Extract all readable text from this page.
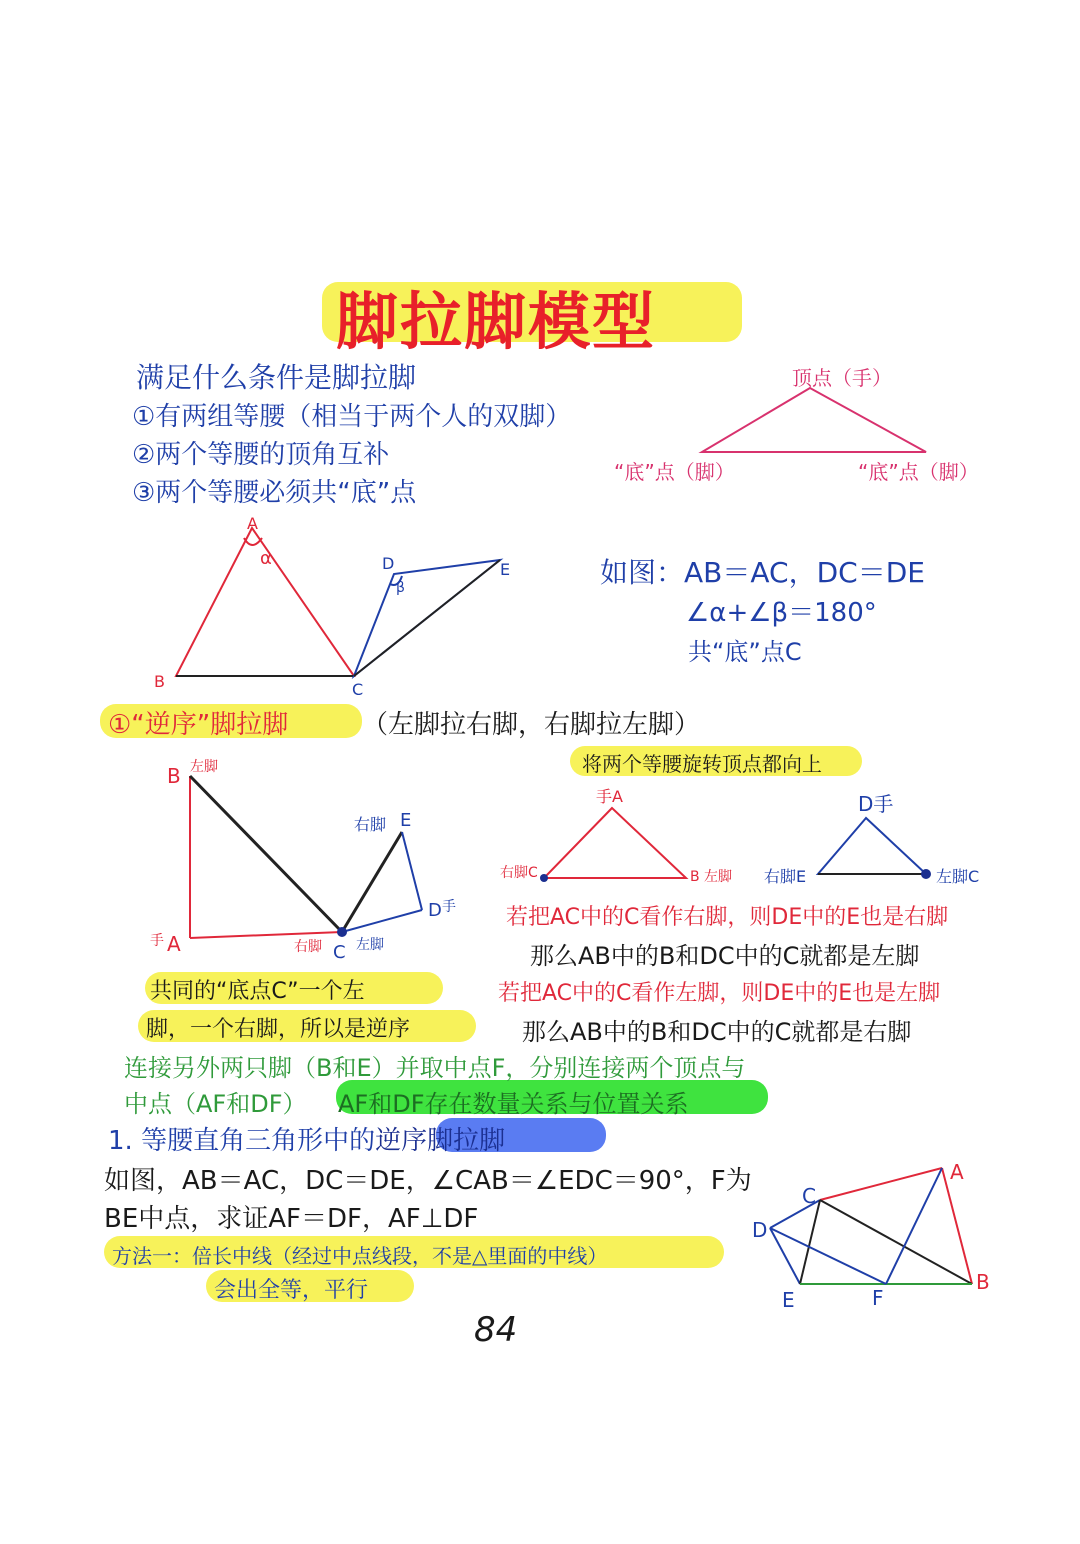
脚拉脚模型
满足什么条件是脚拉脚
①有两组等腰（相当于两个人的双脚）
②两个等腰的顶角互补
③两个等腰必须共“底”点
顶点（手）
“底”点（脚）	“底”点（脚）
A
α
B	C
D
β
E	如图：AB＝AC，DC＝DE
∠α+∠β＝180°
共“底”点C
①“逆序”脚拉脚	（左脚拉右脚，右脚拉左脚）
将两个等腰旋转顶点都向上
B 左脚
手 A	右脚 C 左脚
右脚 E
D 手
手A
右脚C	B 左脚
D手
右脚E	左脚C
若把AC中的C看作右脚，则DE中的E也是右脚
那么AB中的B和DC中的C就都是左脚
若把AC中的C看作左脚，则DE中的E也是左脚
那么AB中的B和DC中的C就都是右脚
共同的“底点C”一个左
脚，一个右脚，所以是逆序
连接另外两只脚（B和E）并取中点F，分别连接两个顶点与
中点（AF和DF） AF和DF存在数量关系与位置关系
1. 等腰直角三角形中的逆序脚拉脚
如图，AB＝AC，DC＝DE，∠CAB＝∠EDC＝90°，F为
BE中点，求证AF＝DF，AF⊥DF
方法一：倍长中线（经过中点线段，不是△里面的中线）
会出全等，平行
A
B
C
D
E	F
84
